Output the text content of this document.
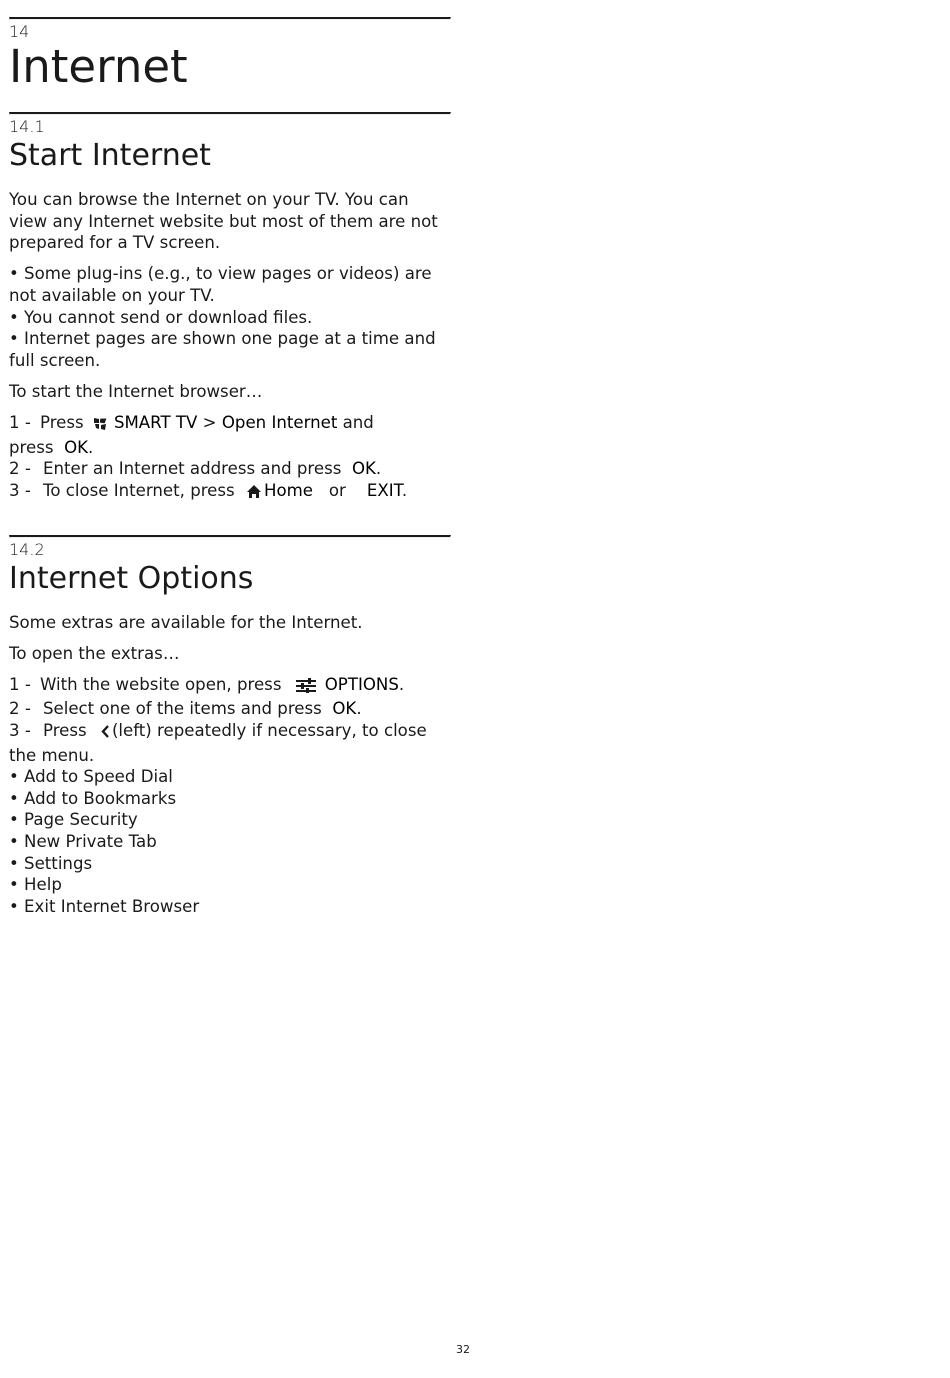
14
Internet
14.1
Start Internet

You can browse the Internet on your TV. You can view any Internet website but most of them are not prepared for a TV screen.

• Some plug-ins (e.g., to view pages or videos) are not available on your TV.
• You cannot send or download files.
• Internet pages are shown one page at a time and full screen.

To start the Internet browser…

1 - Press SMART TV > Open Internet and
press OK.
2 - Enter an Internet address and press OK.
3 - To close Internet, press Home or EXIT.
14.2
Internet Options

Some extras are available for the Internet.

To open the extras…

1 - With the website open, press	OPTIONS.
2 - Select one of the items and press OK.
3 - Press (left) repeatedly if necessary, to close the menu.
• Add to Speed Dial
• Add to Bookmarks
• Page Security
• New Private Tab
• Settings
• Help
• Exit Internet Browser
32
